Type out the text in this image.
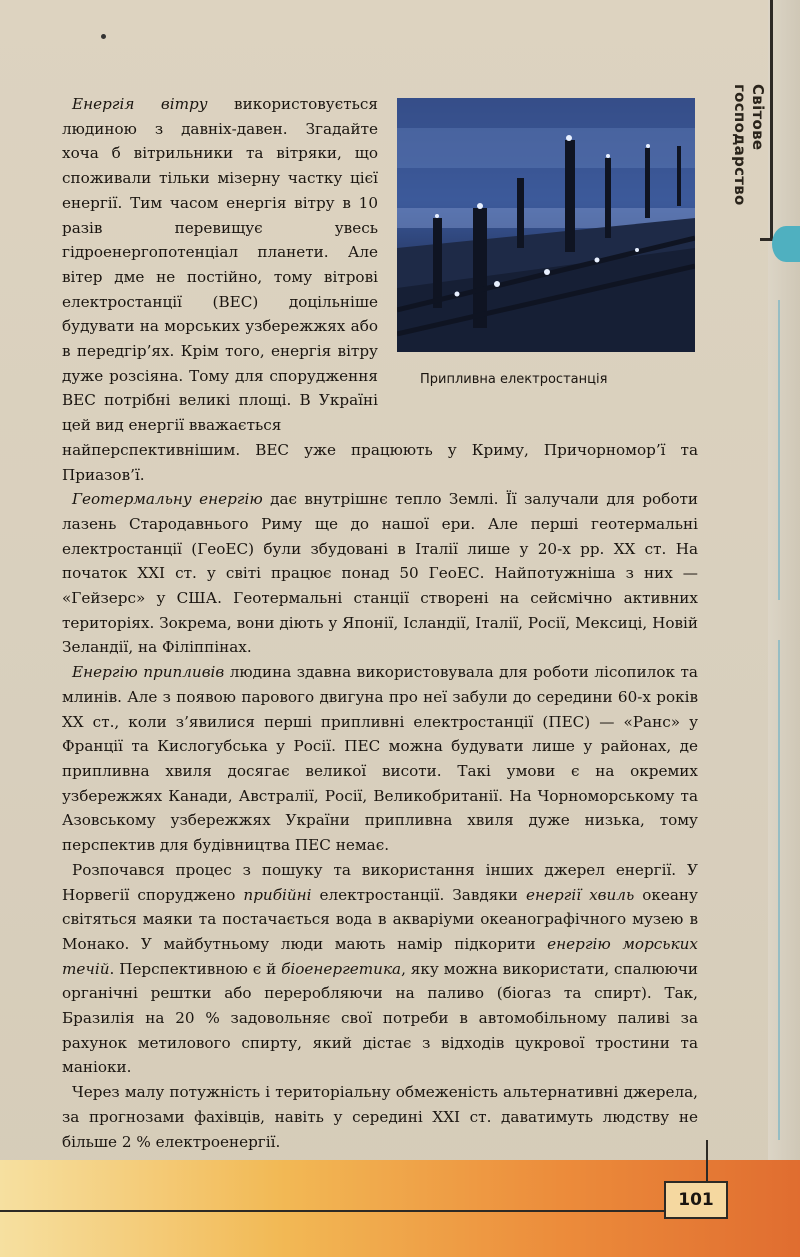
Світове господарство
Припливна електростанція

Енергія вітру використовується людиною з давніх-давен. Згадайте хоча б вітрильники та вітряки, що споживали тільки мізерну частку цієї енергії. Тим часом енергія вітру в 10 разів перевищує увесь гідроенергопотенціал планети. Але вітер дме не постійно, тому вітрові електростанції (ВЕС) доцільніше будувати на морських узбережжях або в передгір’ях. Крім того, енергія вітру дуже розсіяна. Тому для спорудження ВЕС потрібні великі площі. В Україні цей вид енергії вважається

найперспективнішим. ВЕС уже працюють у Криму, Причорномор’ї та Приазов’ї.

Геотермальну енергію дає внутрішнє тепло Землі. Її залучали для роботи лазень Стародавнього Риму ще до нашої ери. Але перші геотермальні електростанції (ГеоЕС) були збудовані в Італії лише у 20-х рр. XX ст. На початок XXI ст. у світі працює понад 50 ГеоЕС. Найпотужніша з них — «Гейзерс» у США. Геотермальні станції створені на сейсмічно активних територіях. Зокрема, вони діють у Японії, Ісландії, Італії, Росії, Мексиці, Новій Зеландії, на Філіппінах.

Енергію припливів людина здавна використовувала для роботи лісопилок та млинів. Але з появою парового двигуна про неї забули до середини 60-х років XX ст., коли з’явилися перші припливні електростанції (ПЕС) — «Ранс» у Франції та Кислогубська у Росії. ПЕС можна будувати лише у районах, де припливна хвиля досягає великої висоти. Такі умови є на окремих узбережжях Канади, Австралії, Росії, Великобританії. На Чорноморському та Азовському узбережжях України припливна хвиля дуже низька, тому перспектив для будівництва ПЕС немає.

Розпочався процес з пошуку та використання інших джерел енергії. У Норвегії споруджено прибійні електростанції. Завдяки енергії хвиль океану світяться маяки та постачається вода в акваріуми океанографічного музею в Монако. У майбутньому люди мають намір підкорити енергію морських течій. Перспективною є й біоенергетика, яку можна використати, спалюючи органічні рештки або переробляючи на паливо (біогаз та спирт). Так, Бразилія на 20 % задовольняє свої потреби в автомобільному паливі за рахунок метилового спирту, який дістає з відходів цукрової тростини та маніоки.

Через малу потужність і територіальну обмеженість альтернативні джерела, за прогнозами фахівців, навіть у середині XXI ст. даватимуть людству не більше 2 % електроенергії.

101
